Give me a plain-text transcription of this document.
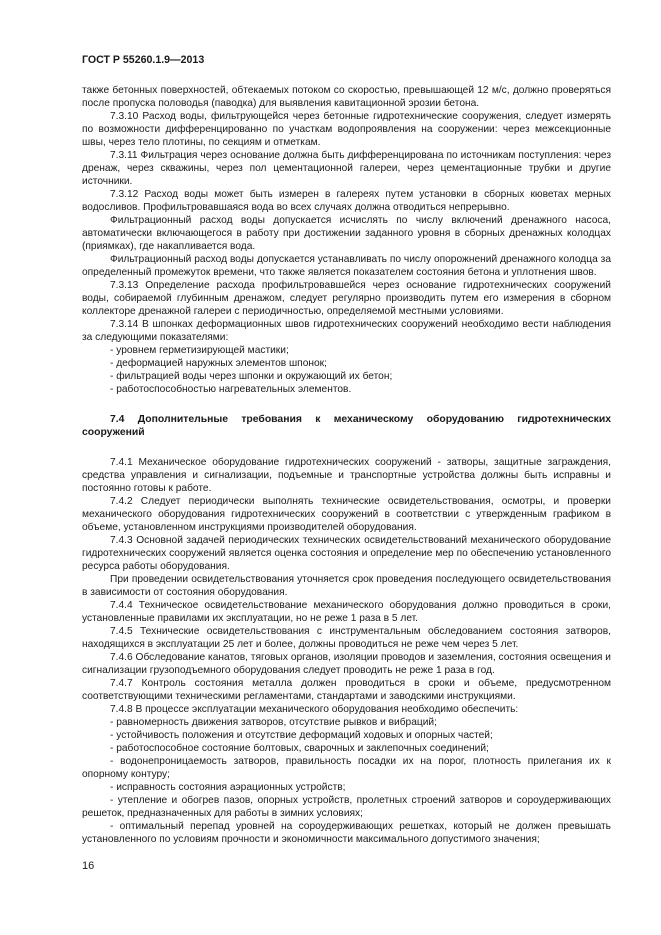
ГОСТ Р 55260.1.9—2013

также бетонных поверхностей, обтекаемых потоком со скоростью, превышающей 12 м/с, должно проверяться после пропуска половодья (паводка) для выявления кавитационной эрозии бетона.

7.3.10 Расход воды, фильтрующейся через бетонные гидротехнические сооружения, следует измерять по возможности дифференцированно по участкам водопроявления на сооружении: через межсекционные швы, через тело плотины, по секциям и отметкам.

7.3.11 Фильтрация через основание должна быть дифференцирована по источникам поступления: через дренаж, через скважины, через пол цементационной галереи, через цементационные трубки и другие источники.

7.3.12 Расход воды может быть измерен в галереях путем установки в сборных кюветах мерных водосливов. Профильтровавшаяся вода во всех случаях должна отводиться непрерывно.

Фильтрационный расход воды допускается исчислять по числу включений дренажного насоса, автоматически включающегося в работу при достижении заданного уровня в сборных дренажных колодцах (приямках), где накапливается вода.

Фильтрационный расход воды допускается устанавливать по числу опорожнений дренажного колодца за определенный промежуток времени, что также является показателем состояния бетона и уплотнения швов.

7.3.13 Определение расхода профильтровавшейся через основание гидротехнических сооружений воды, собираемой глубинным дренажом, следует регулярно производить путем его измерения в сборном коллекторе дренажной галереи с периодичностью, определяемой местными условиями.

7.3.14 В шпонках деформационных швов гидротехнических сооружений необходимо вести наблюдения за следующими показателями:

- уровнем герметизирующей мастики;
- деформацией наружных элементов шпонок;
- фильтрацией воды через шпонки и окружающий их бетон;
- работоспособностью нагревательных элементов.
7.4 Дополнительные требования к механическому оборудованию гидротехнических сооружений

7.4.1 Механическое оборудование гидротехнических сооружений - затворы, защитные заграждения, средства управления и сигнализации, подъемные и транспортные устройства должны быть исправны и постоянно готовы к работе.

7.4.2 Следует периодически выполнять технические освидетельствования, осмотры, и проверки механического оборудования гидротехнических сооружений в соответствии с утвержденным графиком в объеме, установленном инструкциями производителей оборудования.

7.4.3 Основной задачей периодических технических освидетельствований механического оборудование гидротехнических сооружений является оценка состояния и определение мер по обеспечению установленного ресурса работы оборудования.

При проведении освидетельствования уточняется срок проведения последующего освидетельствования в зависимости от состояния оборудования.

7.4.4 Техническое освидетельствование механического оборудования должно проводиться в сроки, установленные правилами их эксплуатации, но не реже 1 раза в 5 лет.

7.4.5 Технические освидетельствования с инструментальным обследованием состояния затворов, находящихся в эксплуатации 25 лет и более, должны проводиться не реже чем через 5 лет.

7.4.6 Обследование канатов, тяговых органов, изоляции проводов и заземления, состояния освещения и сигнализации грузоподъемного оборудования следует проводить не реже 1 раза в год.

7.4.7 Контроль состояния металла должен проводиться в сроки и объеме, предусмотренном соответствующими техническими регламентами, стандартами и заводскими инструкциями.

7.4.8 В процессе эксплуатации механического оборудования необходимо обеспечить:

- равномерность движения затворов, отсутствие рывков и вибраций;
- устойчивость положения и отсутствие деформаций ходовых и опорных частей;
- работоспособное состояние болтовых, сварочных и заклепочных соединений;
- водонепроницаемость затворов, правильность посадки их на порог, плотность прилегания их к опорному контуру;
- исправность состояния аэрационных устройств;
- утепление и обогрев пазов, опорных устройств, пролетных строений затворов и сороудерживающих решеток, предназначенных для работы в зимних условиях;
- оптимальный перепад уровней на сороудерживающих решетках, который не должен превышать установленного по условиям прочности и экономичности максимального допустимого значения;
16
